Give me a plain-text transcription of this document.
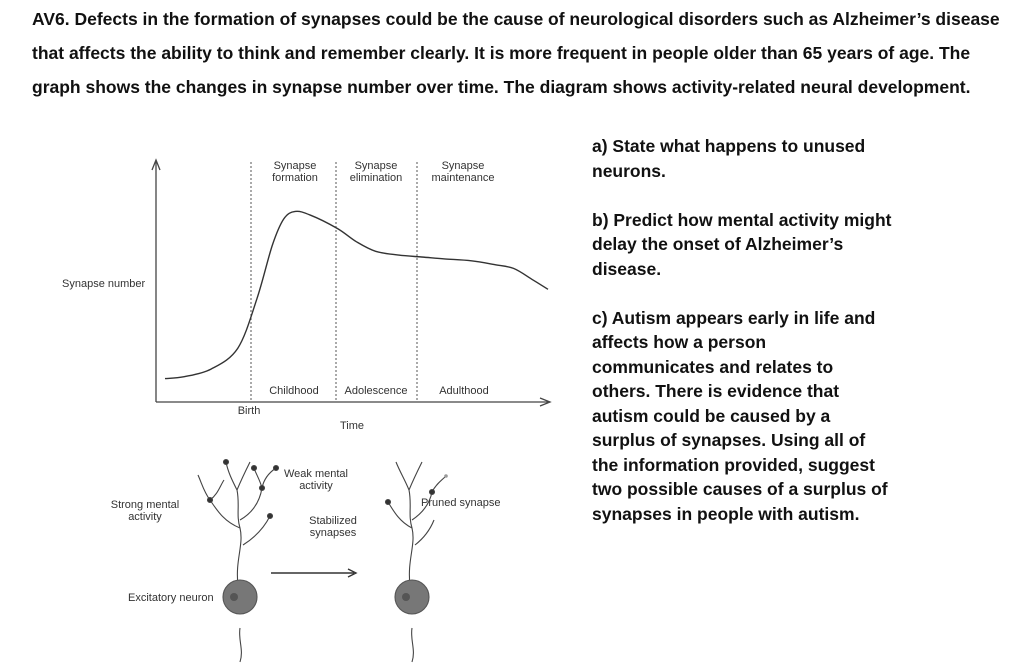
AV6. Defects in the formation of synapses could be the cause of neurological disorders such as Alzheimer’s disease that affects the ability to think and remember clearly. It is more frequent in people older than 65 years of age. The graph shows the changes in synapse number over time. The diagram shows activity-related neural development.

a) State what happens to unused neurons.

b) Predict how mental activity might delay the onset of Alzheimer’s disease.

c) Autism appears early in life and affects how a person communicates and relates to others. There is evidence that autism could be caused by a surplus of synapses. Using all of the information provided, suggest two possible causes of a surplus of synapses in people with autism.

Synapse number
Time
Birth
Childhood Adolescence	Adulthood
Synapse formation
Synapse elimination
Synapse maintenance
Strong mental activity
Weak mental activity
Stabilized synapses
Pruned synapse
Excitatory neuron
